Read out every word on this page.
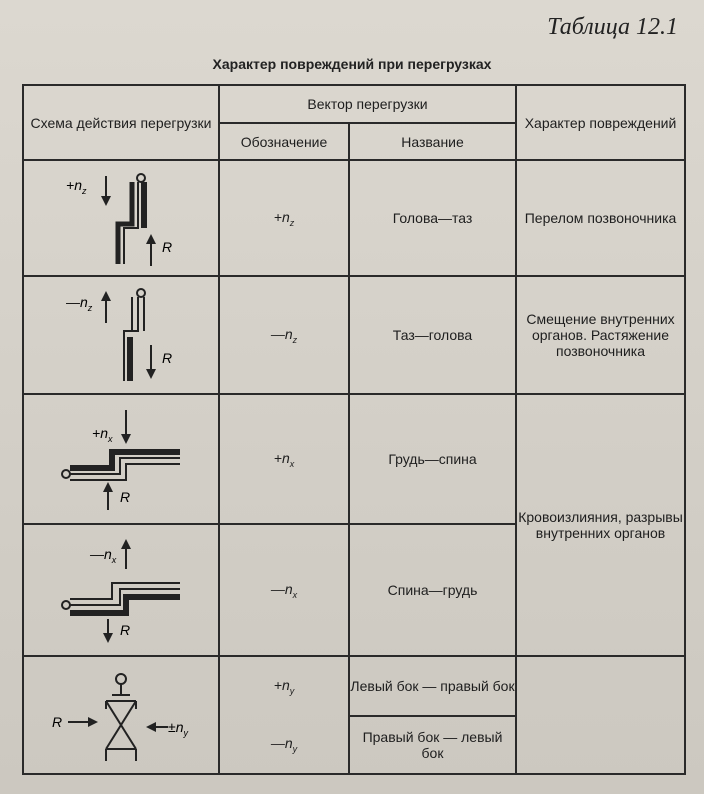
Таблица 12.1
Характер повреждений при перегрузках
Схема действия перегрузки	Вектор перегрузки		Характер повреждений
	Обозначение	Название	

$+n_z$
R	$+n_z$	Голова—таз	Перелом позвоночника

$—n_z$
R	$—n_z$	Таз—голова	Смещение внутренних органов. Растяжение позвоночника

$+n_x$
R	$+n_x$	Грудь—спина	Кровоизлияния, разрывы внутренних органов

$—n_x$
R	$—n_x$	Спина—грудь	

$R \pm n_y$	$+n_y$	Левый бок — правый бок	
	$—n_y$	Правый бок — левый бок	
